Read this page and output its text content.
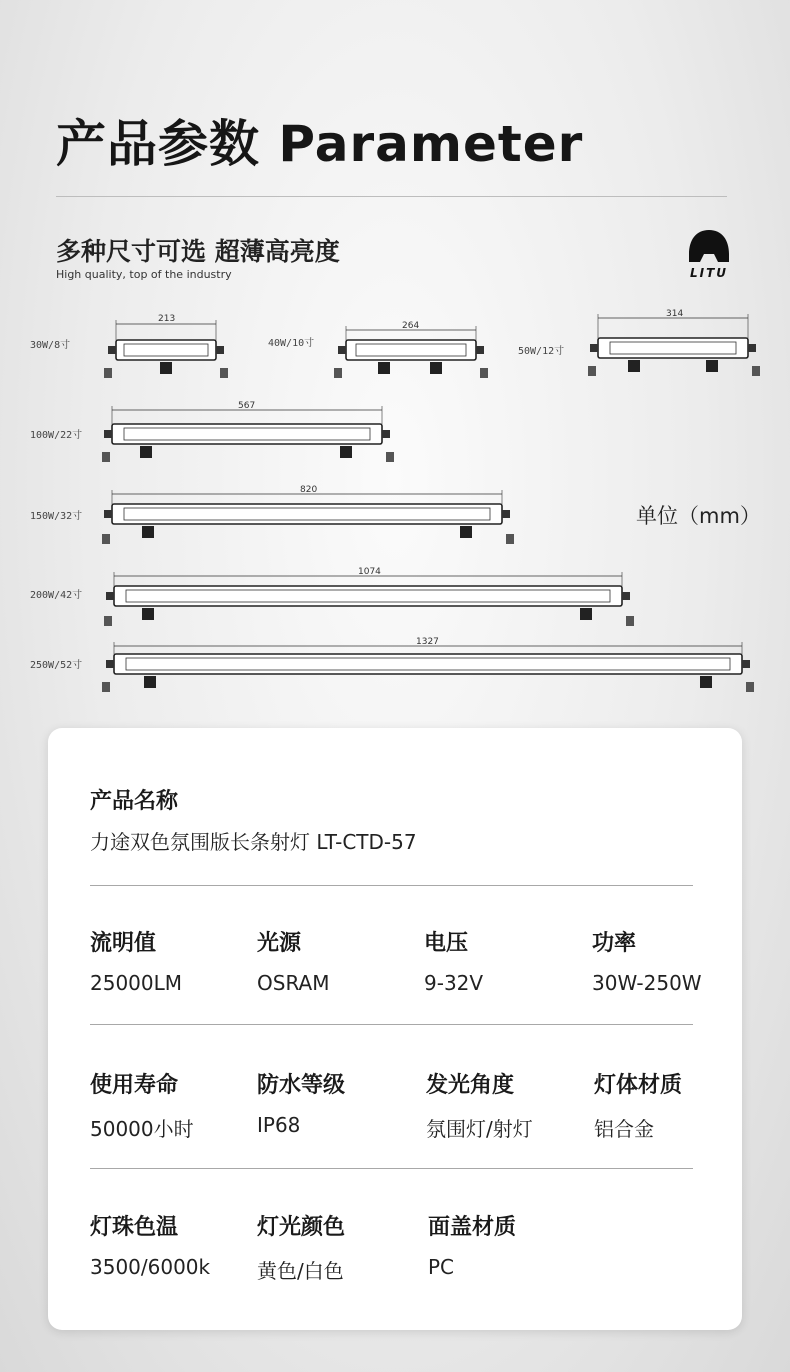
产品参数 Parameter
多种尺寸可选 超薄高亮度
High quality, top of the industry	LITU
单位（mm）
30W/8寸
213
40W/10寸
264
50W/12寸
314
100W/22寸
567
150W/32寸
820
200W/42寸
1074
250W/52寸
1327
产品名称
力途双色氛围版长条射灯 LT-CTD-57
流明值
25000LM
光源
OSRAM
电压
9-32V
功率
30W-250W
使用寿命
50000小时
防水等级
IP68
发光角度
氛围灯/射灯
灯体材质
铝合金
灯珠色温
3500/6000k
灯光颜色
黄色/白色
面盖材质
PC
